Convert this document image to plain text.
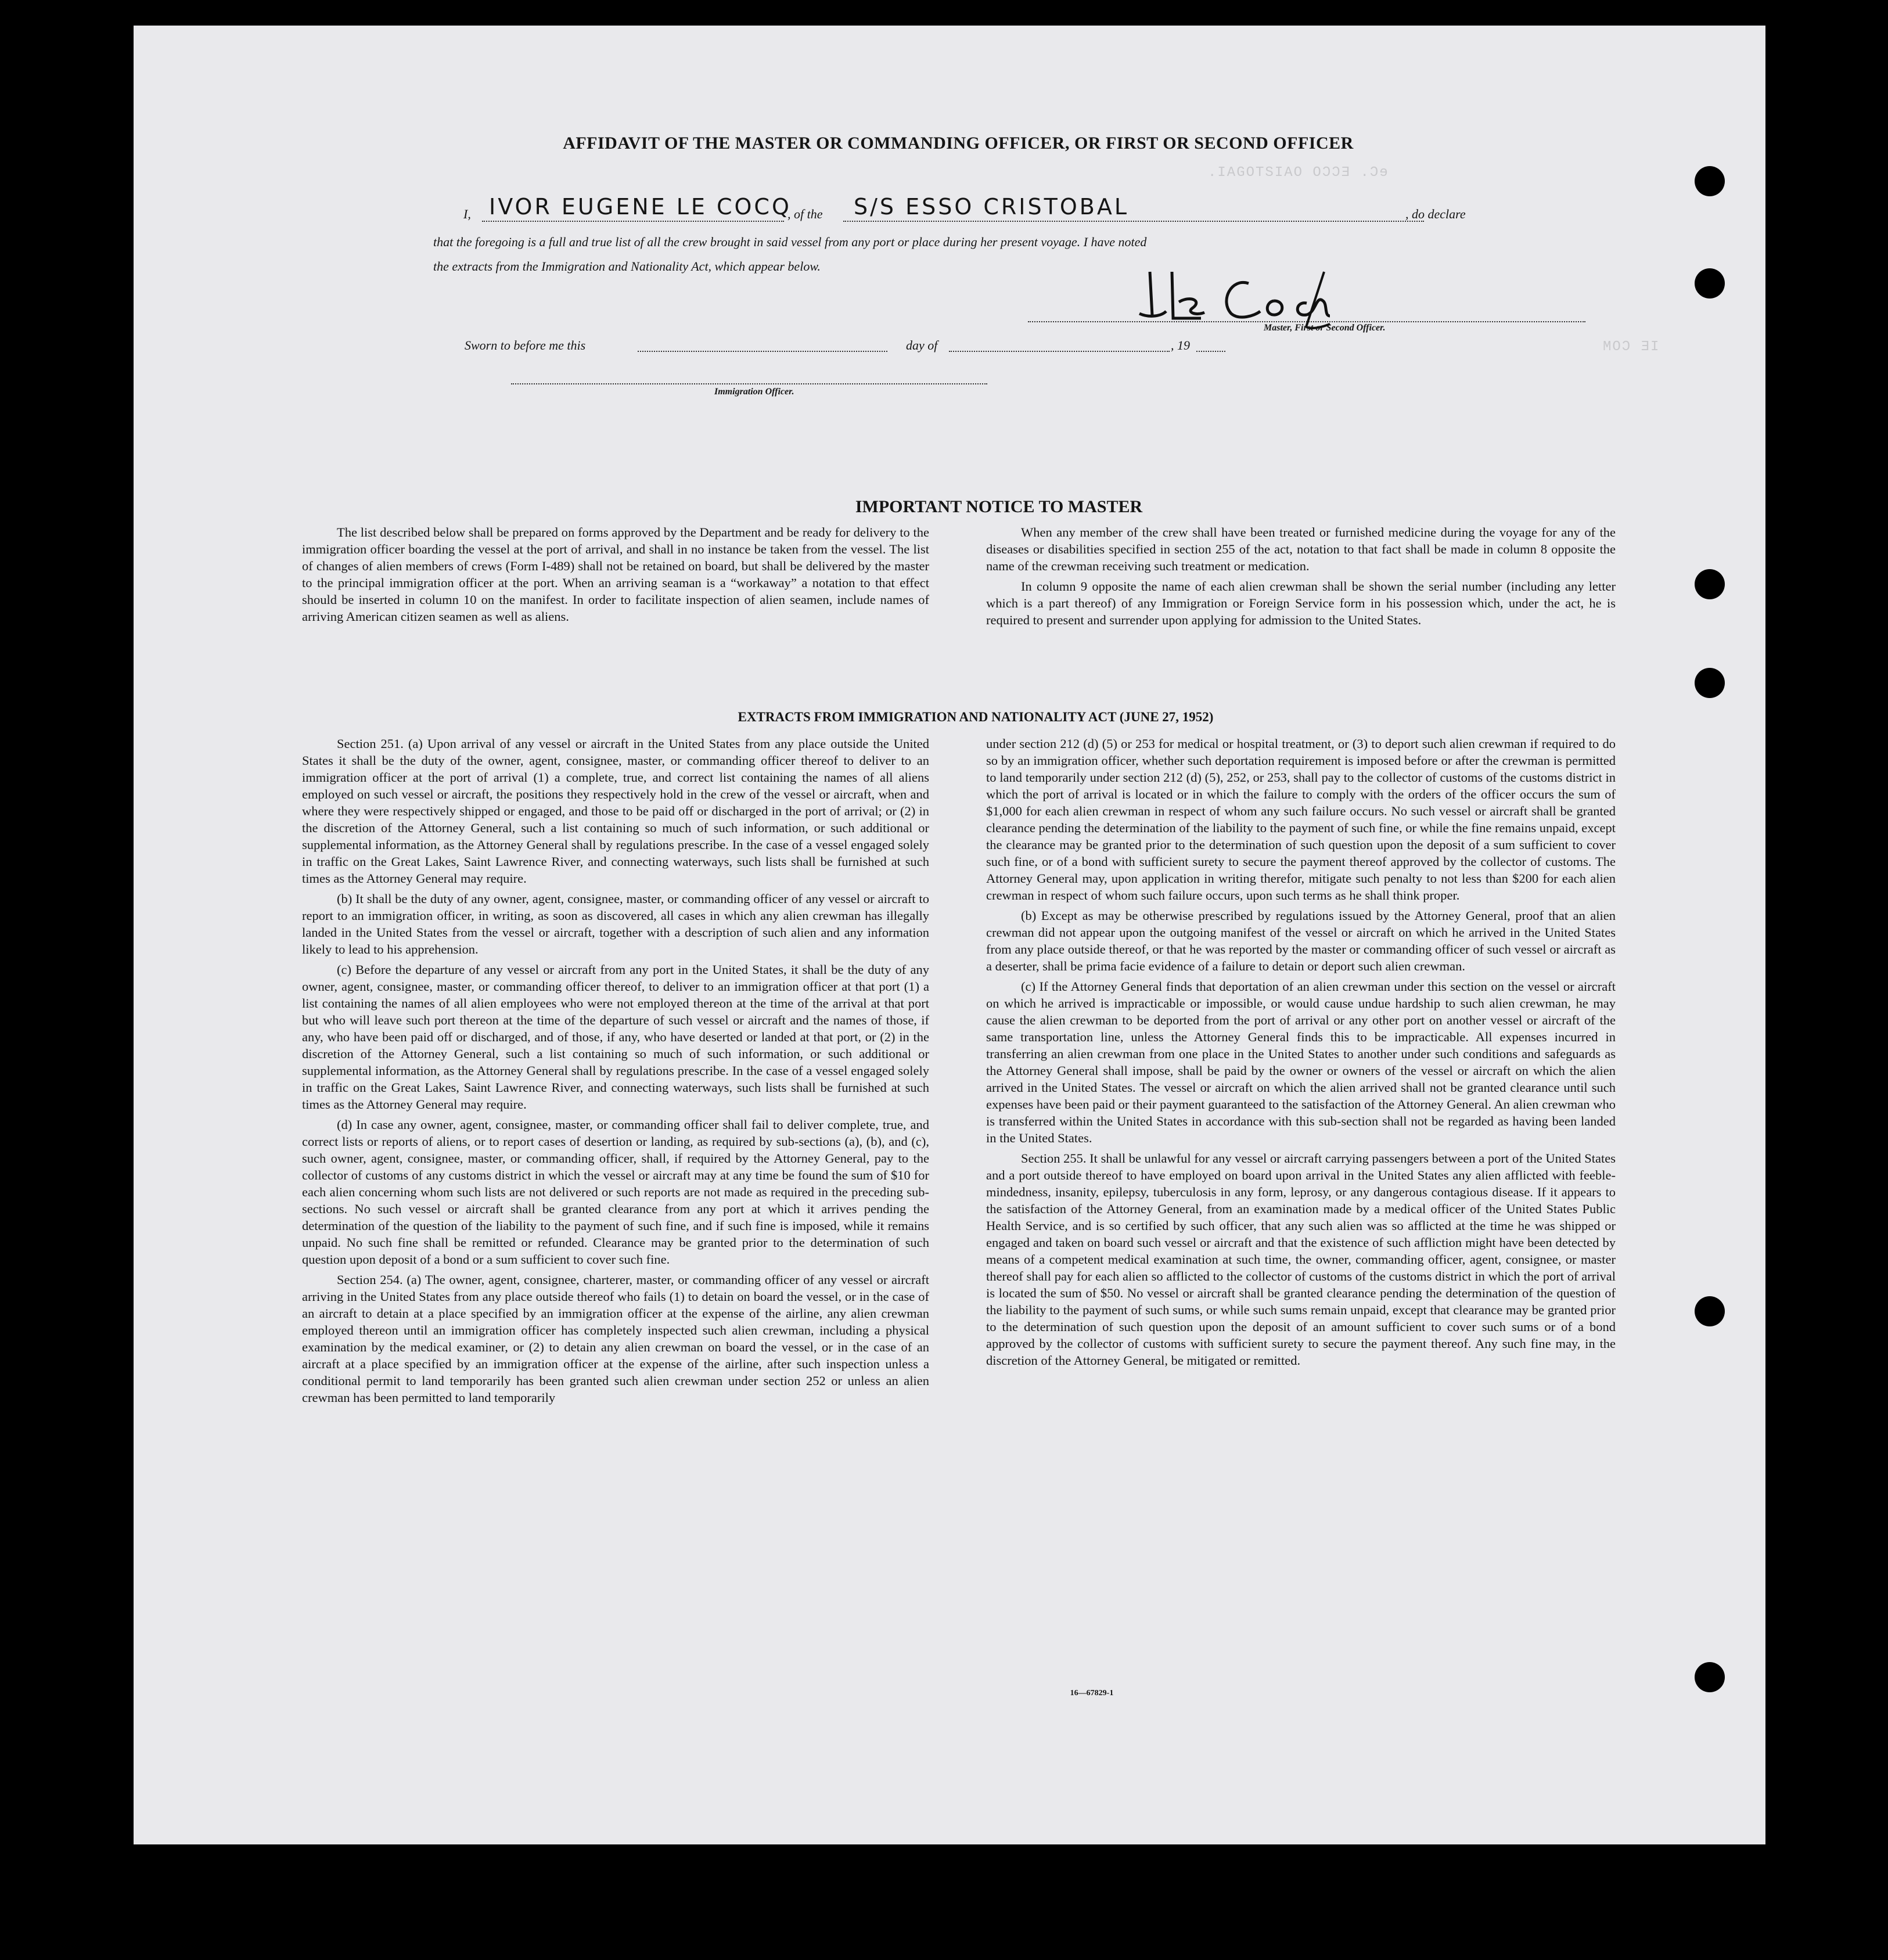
.IAGOTSIAO OƆƆƎ .Ɔɘ
MOƆ ƎI
AFFIDAVIT OF THE MASTER OR COMMANDING OFFICER, OR FIRST OR SECOND OFFICER
I, IVOR EUGENE LE COCQ
, of the S/S ESSO CRISTOBAL	, do declare
that the foregoing is a full and true list of all the crew brought in said vessel from any port or place during her present voyage. I have noted
the extracts from the Immigration and Nationality Act, which appear below.
Master, First or Second Officer.
Sworn to before me this	day of	, 19
Immigration Officer.
IMPORTANT NOTICE TO MASTER

The list described below shall be prepared on forms approved by the Department and be ready for delivery to the immigration officer boarding the vessel at the port of arrival, and shall in no instance be taken from the vessel. The list of changes of alien members of crews (Form I-489) shall not be retained on board, but shall be delivered by the master to the principal immigration officer at the port. When an arriving seaman is a “workaway” a notation to that effect should be inserted in column 10 on the manifest. In order to facilitate inspection of alien seamen, include names of arriving American citizen seamen as well as aliens.

When any member of the crew shall have been treated or furnished medicine during the voyage for any of the diseases or disabilities specified in section 255 of the act, notation to that fact shall be made in column 8 opposite the name of the crewman receiving such treatment or medication.

In column 9 opposite the name of each alien crewman shall be shown the serial number (including any letter which is a part thereof) of any Immigration or Foreign Service form in his possession which, under the act, he is required to present and surrender upon applying for admission to the United States.

EXTRACTS FROM IMMIGRATION AND NATIONALITY ACT (JUNE 27, 1952)

Section 251. (a) Upon arrival of any vessel or aircraft in the United States from any place outside the United States it shall be the duty of the owner, agent, consignee, master, or commanding officer thereof to deliver to an immigration officer at the port of arrival (1) a complete, true, and correct list containing the names of all aliens employed on such vessel or aircraft, the positions they respectively hold in the crew of the vessel or aircraft, when and where they were respectively shipped or engaged, and those to be paid off or discharged in the port of arrival; or (2) in the discretion of the Attorney General, such a list containing so much of such information, or such additional or supplemental information, as the Attorney General shall by regulations prescribe. In the case of a vessel engaged solely in traffic on the Great Lakes, Saint Lawrence River, and connecting waterways, such lists shall be furnished at such times as the Attorney General may require.

(b) It shall be the duty of any owner, agent, consignee, master, or commanding officer of any vessel or aircraft to report to an immigration officer, in writing, as soon as discovered, all cases in which any alien crewman has illegally landed in the United States from the vessel or aircraft, together with a description of such alien and any information likely to lead to his apprehension.

(c) Before the departure of any vessel or aircraft from any port in the United States, it shall be the duty of any owner, agent, consignee, master, or commanding officer thereof, to deliver to an immigration officer at that port (1) a list containing the names of all alien employees who were not employed thereon at the time of the arrival at that port but who will leave such port thereon at the time of the departure of such vessel or aircraft and the names of those, if any, who have been paid off or discharged, and of those, if any, who have deserted or landed at that port, or (2) in the discretion of the Attorney General, such a list containing so much of such information, or such additional or supplemental information, as the Attorney General shall by regulations prescribe. In the case of a vessel engaged solely in traffic on the Great Lakes, Saint Lawrence River, and connecting waterways, such lists shall be furnished at such times as the Attorney General may require.

(d) In case any owner, agent, consignee, master, or commanding officer shall fail to deliver complete, true, and correct lists or reports of aliens, or to report cases of desertion or landing, as required by sub-sections (a), (b), and (c), such owner, agent, consignee, master, or commanding officer, shall, if required by the Attorney General, pay to the collector of customs of any customs district in which the vessel or aircraft may at any time be found the sum of $10 for each alien concerning whom such lists are not delivered or such reports are not made as required in the preceding sub-sections. No such vessel or aircraft shall be granted clearance from any port at which it arrives pending the determination of the question of the liability to the payment of such fine, and if such fine is imposed, while it remains unpaid. No such fine shall be remitted or refunded. Clearance may be granted prior to the determination of such question upon deposit of a bond or a sum sufficient to cover such fine.

Section 254. (a) The owner, agent, consignee, charterer, master, or commanding officer of any vessel or aircraft arriving in the United States from any place outside thereof who fails (1) to detain on board the vessel, or in the case of an aircraft to detain at a place specified by an immigration officer at the expense of the airline, any alien crewman employed thereon until an immigration officer has completely inspected such alien crewman, including a physical examination by the medical examiner, or (2) to detain any alien crewman on board the vessel, or in the case of an aircraft at a place specified by an immigration officer at the expense of the airline, after such inspection unless a conditional permit to land temporarily has been granted such alien crewman under section 252 or unless an alien crewman has been permitted to land temporarily

under section 212 (d) (5) or 253 for medical or hospital treatment, or (3) to deport such alien crewman if required to do so by an immigration officer, whether such deportation requirement is imposed before or after the crewman is permitted to land temporarily under section 212 (d) (5), 252, or 253, shall pay to the collector of customs of the customs district in which the port of arrival is located or in which the failure to comply with the orders of the officer occurs the sum of $1,000 for each alien crewman in respect of whom any such failure occurs. No such vessel or aircraft shall be granted clearance pending the determination of the liability to the payment of such fine, or while the fine remains unpaid, except the clearance may be granted prior to the determination of such question upon the deposit of a sum sufficient to cover such fine, or of a bond with sufficient surety to secure the payment thereof approved by the collector of customs. The Attorney General may, upon application in writing therefor, mitigate such penalty to not less than $200 for each alien crewman in respect of whom such failure occurs, upon such terms as he shall think proper.

(b) Except as may be otherwise prescribed by regulations issued by the Attorney General, proof that an alien crewman did not appear upon the outgoing manifest of the vessel or aircraft on which he arrived in the United States from any place outside thereof, or that he was reported by the master or commanding officer of such vessel or aircraft as a deserter, shall be prima facie evidence of a failure to detain or deport such alien crewman.

(c) If the Attorney General finds that deportation of an alien crewman under this section on the vessel or aircraft on which he arrived is impracticable or impossible, or would cause undue hardship to such alien crewman, he may cause the alien crewman to be deported from the port of arrival or any other port on another vessel or aircraft of the same transportation line, unless the Attorney General finds this to be impracticable. All expenses incurred in transferring an alien crewman from one place in the United States to another under such conditions and safeguards as the Attorney General shall impose, shall be paid by the owner or owners of the vessel or aircraft on which the alien arrived in the United States. The vessel or aircraft on which the alien arrived shall not be granted clearance until such expenses have been paid or their payment guaranteed to the satisfaction of the Attorney General. An alien crewman who is transferred within the United States in accordance with this sub-section shall not be regarded as having been landed in the United States.

Section 255. It shall be unlawful for any vessel or aircraft carrying passengers between a port of the United States and a port outside thereof to have employed on board upon arrival in the United States any alien afflicted with feeble-mindedness, insanity, epilepsy, tuberculosis in any form, leprosy, or any dangerous contagious disease. If it appears to the satisfaction of the Attorney General, from an examination made by a medical officer of the United States Public Health Service, and is so certified by such officer, that any such alien was so afflicted at the time he was shipped or engaged and taken on board such vessel or aircraft and that the existence of such affliction might have been detected by means of a competent medical examination at such time, the owner, commanding officer, agent, consignee, or master thereof shall pay for each alien so afflicted to the collector of customs of the customs district in which the port of arrival is located the sum of $50. No vessel or aircraft shall be granted clearance pending the determination of the question of the liability to the payment of such sums, or while such sums remain unpaid, except that clearance may be granted prior to the determination of such question upon the deposit of an amount sufficient to cover such sums or of a bond approved by the collector of customs with sufficient surety to secure the payment thereof. Any such fine may, in the discretion of the Attorney General, be mitigated or remitted.

16—67829-1
